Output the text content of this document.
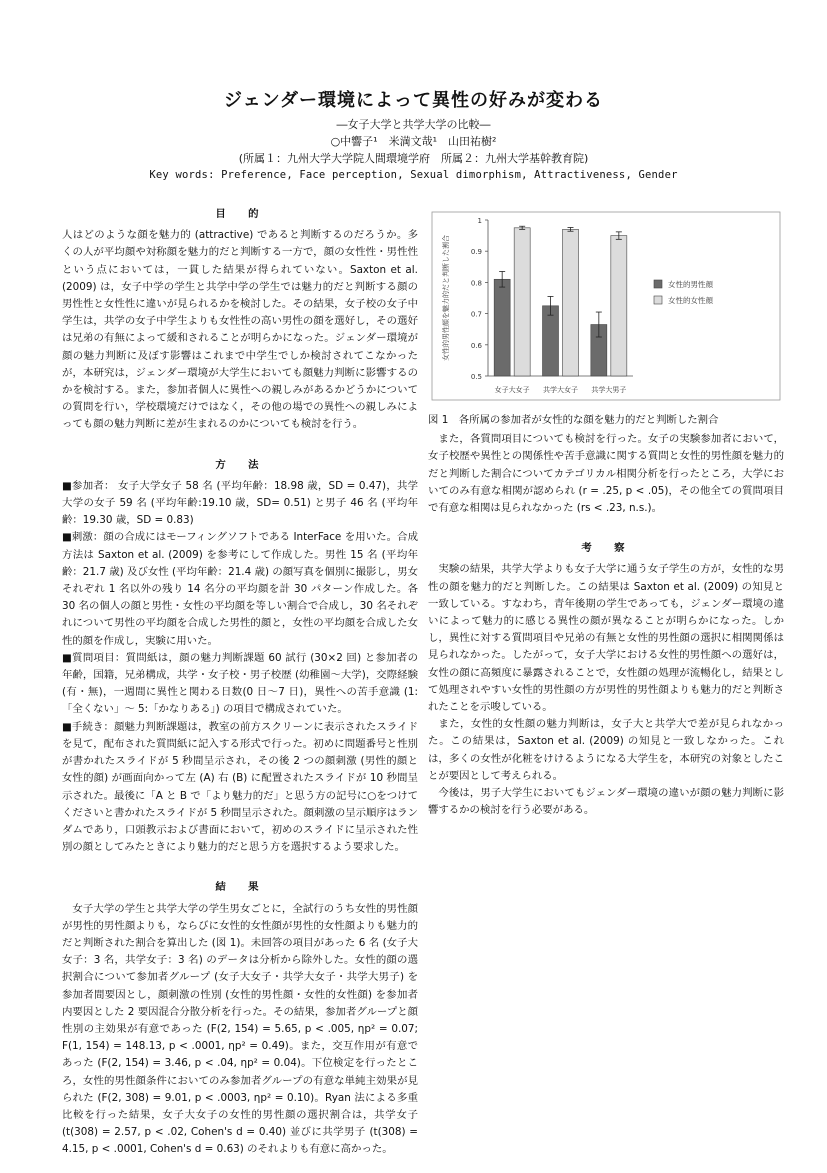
ジェンダー環境によって異性の好みが変わる
―女子大学と共学大学の比較―
○中響子¹　米満文哉¹　山田祐樹²
(所属１：九州大学大学院人間環境学府　所属２：九州大学基幹教育院)
Key words: Preference, Face perception, Sexual dimorphism, Attractiveness, Gender
目　的

人はどのような顔を魅力的 (attractive) であると判断するのだろうか。多くの人が平均顔や対称顔を魅力的だと判断する一方で，顔の女性性・男性性という点においては，一貫した結果が得られていない。Saxton et al. (2009) は，女子中学の学生と共学中学の学生では魅力的だと判断する顔の男性性と女性性に違いが見られるかを検討した。その結果，女子校の女子中学生は，共学の女子中学生よりも女性性の高い男性の顔を選好し，その選好は兄弟の有無によって緩和されることが明らかになった。ジェンダー環境が顔の魅力判断に及ぼす影響はこれまで中学生でしか検討されてこなかったが，本研究は，ジェンダー環境が大学生においても顔魅力判断に影響するのかを検討する。また，参加者個人に異性への親しみがあるかどうかについての質問を行い，学校環境だけではなく，その他の場での異性への親しみによっても顔の魅力判断に差が生まれるのかについても検討を行う。

方　法

■参加者： 女子大学女子 58 名 (平均年齢：18.98 歳，SD = 0.47)，共学大学の女子 59 名 (平均年齢:19.10 歳，SD= 0.51) と男子 46 名 (平均年齢：19.30 歳，SD = 0.83)

■刺激：顔の合成にはモーフィングソフトである InterFace を用いた。合成方法は Saxton et al. (2009) を参考にして作成した。男性 15 名 (平均年齢：21.7 歳) 及び女性 (平均年齢：21.4 歳) の顔写真を個別に撮影し，男女それぞれ 1 名以外の残り 14 名分の平均顔を計 30 パターン作成した。各 30 名の個人の顔と男性・女性の平均顔を等しい割合で合成し，30 名それぞれについて男性の平均顔を合成した男性的顔と，女性の平均顔を合成した女性的顔を作成し，実験に用いた。

■質問項目：質問紙は，顔の魅力判断課題 60 試行 (30×2 回) と参加者の年齢，国籍，兄弟構成，共学・女子校・男子校歴 (幼稚園〜大学)，交際経験 (有・無)，一週間に異性と関わる日数(0 日〜7 日)，異性への苦手意識 (1:「全くない」〜 5:「かなりある」) の項目で構成されていた。

■手続き：顔魅力判断課題は，教室の前方スクリーンに表示されたスライドを見て，配布された質問紙に記入する形式で行った。初めに問題番号と性別が書かれたスライドが 5 秒間呈示され，その後 2 つの顔刺激 (男性的顔と女性的顔) が画面向かって左 (A) 右 (B) に配置されたスライドが 10 秒間呈示された。最後に「A と B で「より魅力的だ」と思う方の記号に○をつけてくださいと書かれたスライドが 5 秒間呈示された。顔刺激の呈示順序はランダムであり，口頭教示および書面において，初めのスライドに呈示された性別の顔としてみたときにより魅力的だと思う方を選択するよう要求した。

結　果

女子大学の学生と共学大学の学生男女ごとに，全試行のうち女性的男性顔が男性的男性顔よりも，ならびに女性的女性顔が男性的女性顔よりも魅力的だと判断された割合を算出した (図 1)。未回答の項目があった 6 名 (女子大女子：3 名，共学女子：3 名) のデータは分析から除外した。女性的顔の選択割合について参加者グループ (女子大女子・共学大女子・共学大男子) を参加者間要因とし，顔刺激の性別 (女性的男性顔・女性的女性顔) を参加者内要因とした 2 要因混合分散分析を行った。その結果，参加者グループと顔性別の主効果が有意であった (F(2, 154) = 5.65, p < .005, ηp² = 0.07; F(1, 154) = 148.13, p < .0001, ηp² = 0.49)。また，交互作用が有意であった (F(2, 154) = 3.46, p < .04, ηp² = 0.04)。下位検定を行ったところ，女性的男性顔条件においてのみ参加者グループの有意な単純主効果が見られた (F(2, 308) = 9.01, p < .0003, ηp² = 0.10)。Ryan 法による多重比較を行った結果，女子大女子の女性的男性顔の選択割合は，共学女子 (t(308) = 2.57, p < .02, Cohen's d = 0.40) 並びに共学男子 (t(308) = 4.15, p < .0001, Cohen's d = 0.63) のそれよりも有意に高かった。

0.5
0.6
0.7
0.8
0.9
1
女性的男性顔を魅力的だと判断した割合
女子大女子 共学大女子 共学大男子
女性的男性顔
女性的女性顔
図 1　各所属の参加者が女性的な顔を魅力的だと判断した割合

また，各質問項目についても検討を行った。女子の実験参加者において，女子校歴や異性との関係性や苦手意識に関する質問と女性的男性顔を魅力的だと判断した割合についてカテゴリカル相関分析を行ったところ，大学においてのみ有意な相関が認められ (r = .25, p < .05)，その他全ての質問項目で有意な相関は見られなかった (rs < .23, n.s.)。

考　察

実験の結果，共学大学よりも女子大学に通う女子学生の方が，女性的な男性の顔を魅力的だと判断した。この結果は Saxton et al. (2009) の知見と一致している。すなわち，青年後期の学生であっても，ジェンダー環境の違いによって魅力的に感じる異性の顔が異なることが明らかになった。しかし，異性に対する質問項目や兄弟の有無と女性的男性顔の選択に相関関係は見られなかった。したがって，女子大学における女性的男性顔への選好は，女性の顔に高頻度に暴露されることで，女性顔の処理が流暢化し，結果として処理されやすい女性的男性顔の方が男性的男性顔よりも魅力的だと判断されたことを示唆している。

また，女性的女性顔の魅力判断は，女子大と共学大で差が見られなかった。この結果は，Saxton et al. (2009) の知見と一致しなかった。これは，多くの女性が化粧をけけるようになる大学生を，本研究の対象としたことが要因として考えられる。

今後は，男子大学生においてもジェンダー環境の違いが顔の魅力判断に影響するかの検討を行う必要がある。
